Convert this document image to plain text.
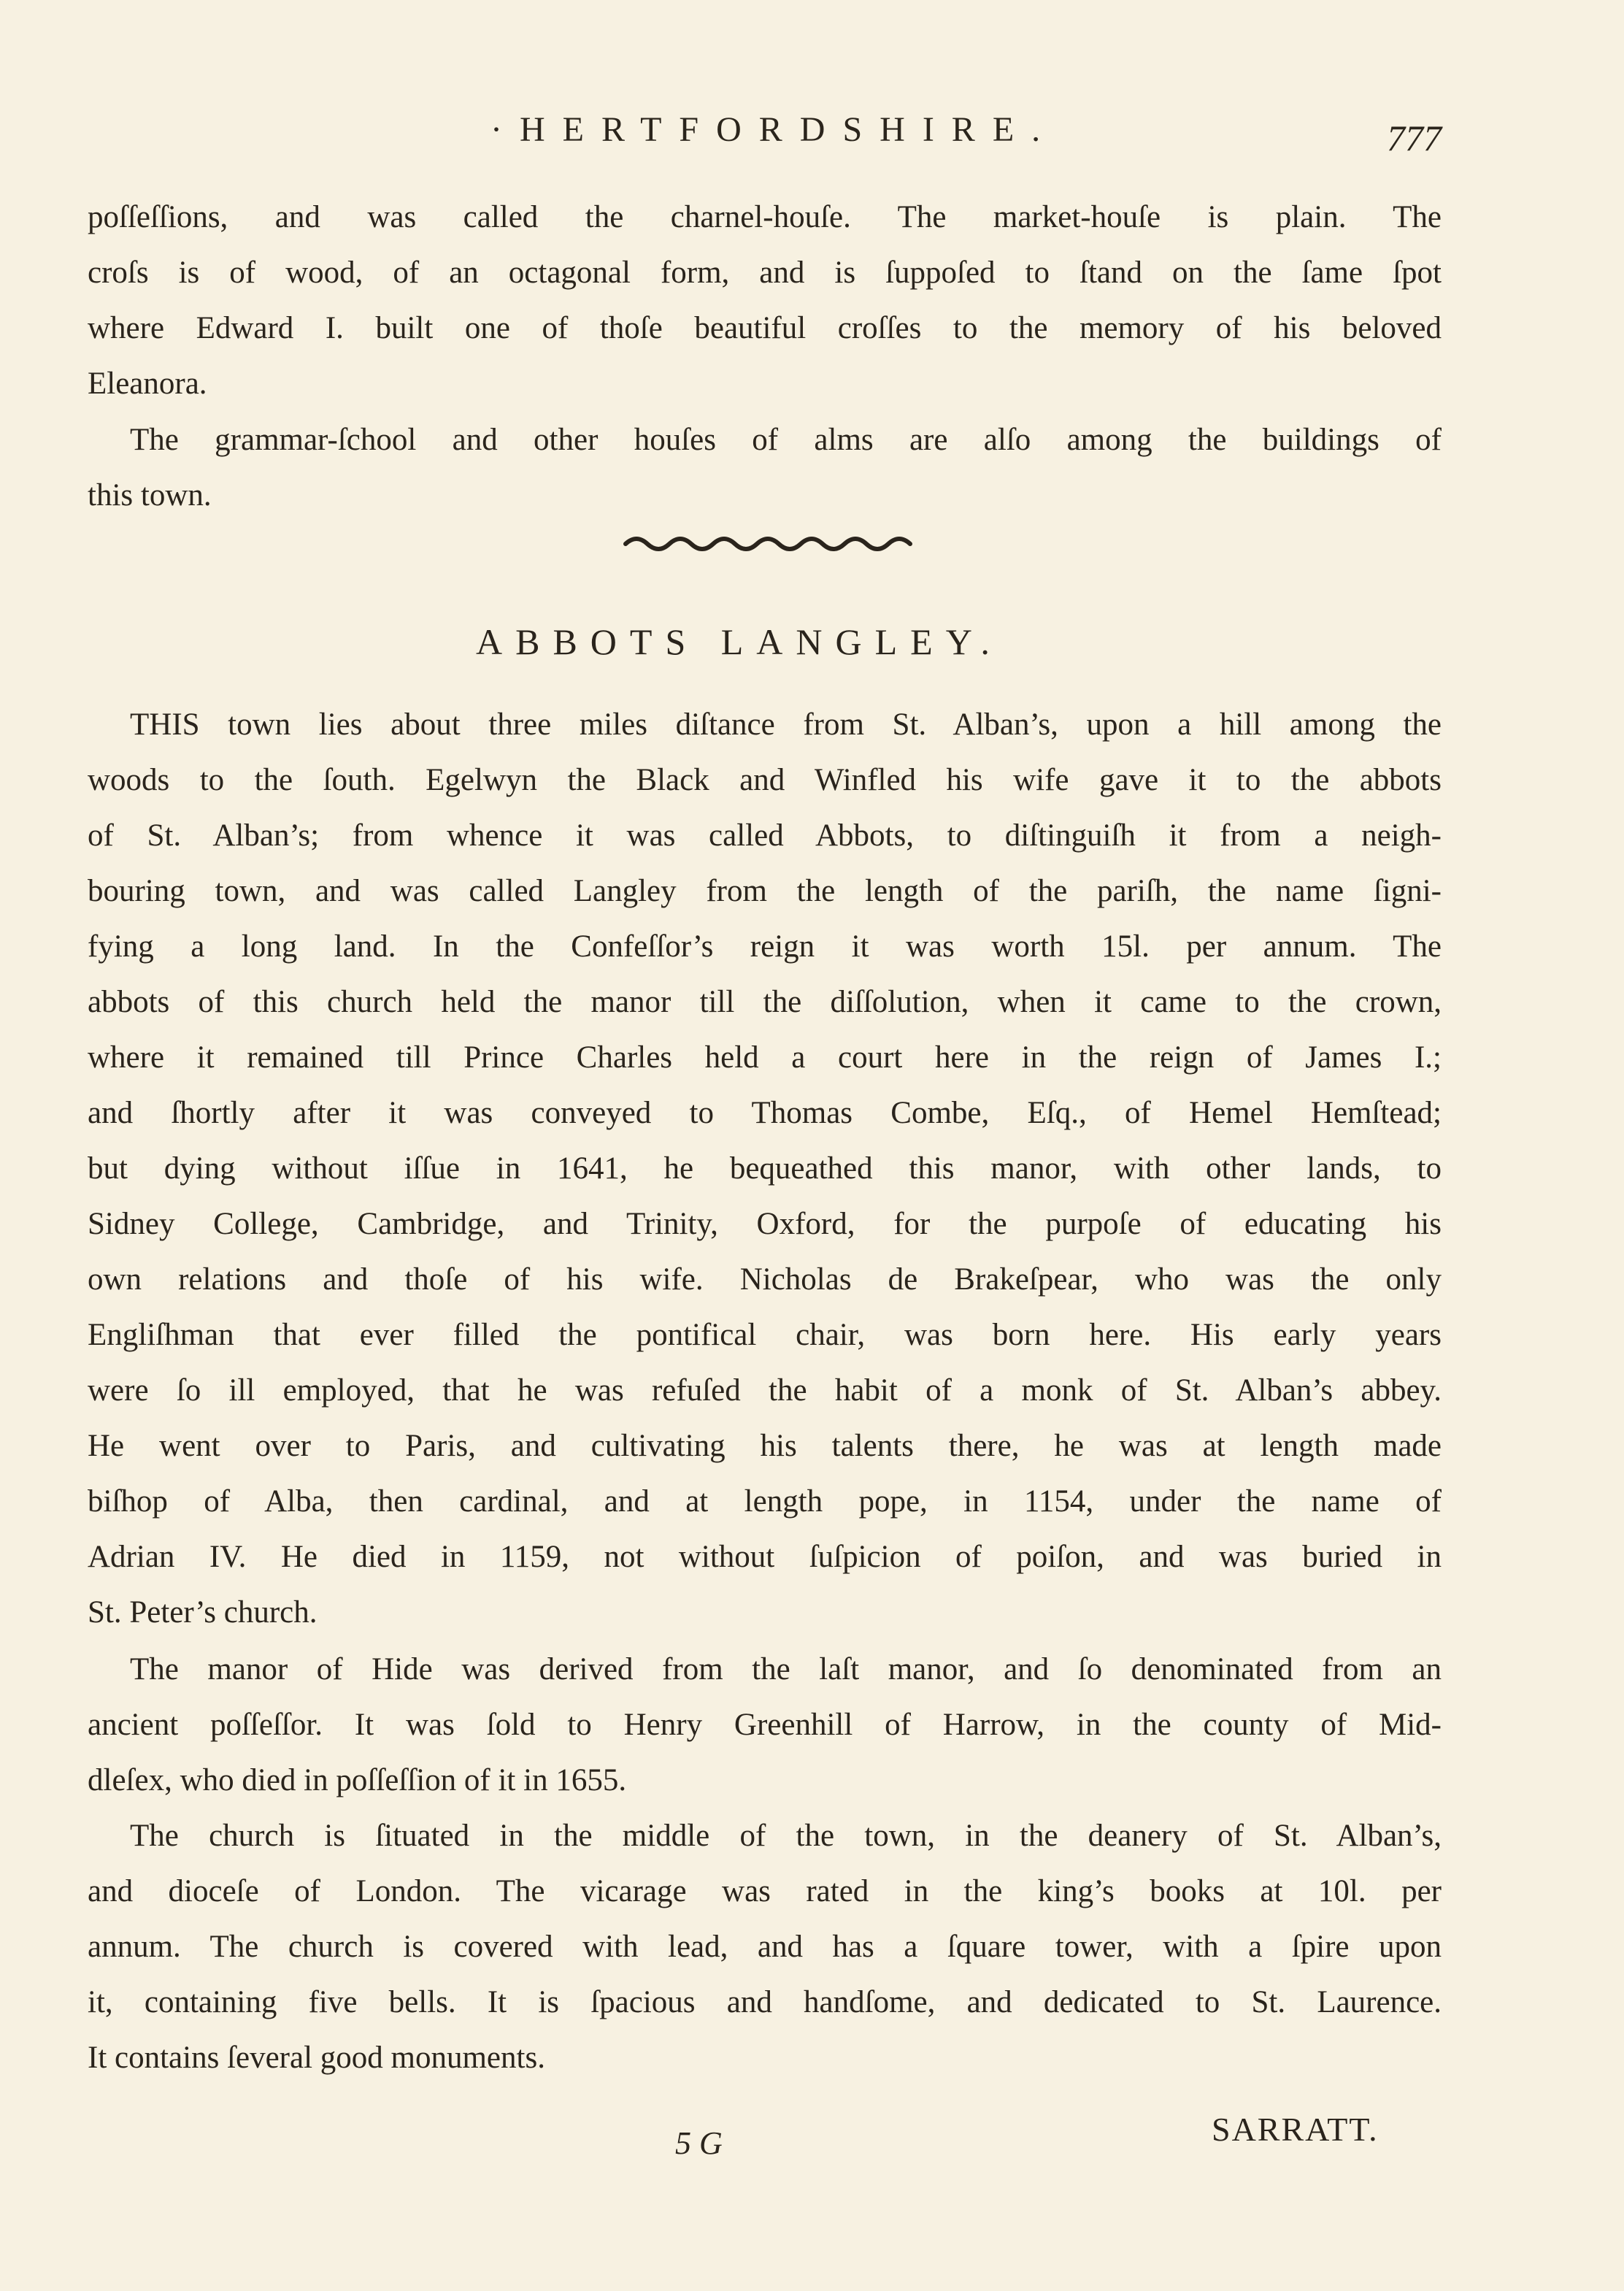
·HERTFORDSHIRE.	777
poſſeſſions, and was called the charnel-houſe. The market-houſe is plain. The
croſs is of wood, of an octagonal form, and is ſuppoſed to ſtand on the ſame ſpot
where Edward I. built one of thoſe beautiful croſſes to the memory of his beloved
Eleanora.
The grammar-ſchool and other houſes of alms are alſo among the buildings of
this town.
ABBOTS LANGLEY.
THIS town lies about three miles diſtance from St. Alban’s, upon a hill among the
woods to the ſouth. Egelwyn the Black and Winfled his wife gave it to the abbots
of St. Alban’s; from whence it was called Abbots, to diſtinguiſh it from a neigh-
bouring town, and was called Langley from the length of the pariſh, the name ſigni-
fying a long land. In the Confeſſor’s reign it was worth 15l. per annum. The
abbots of this church held the manor till the diſſolution, when it came to the crown,
where it remained till Prince Charles held a court here in the reign of James I.;
and ſhortly after it was conveyed to Thomas Combe, Eſq., of Hemel Hemſtead;
but dying without iſſue in 1641, he bequeathed this manor, with other lands, to
Sidney College, Cambridge, and Trinity, Oxford, for the purpoſe of educating his
own relations and thoſe of his wife. Nicholas de Brakeſpear, who was the only
Engliſhman that ever filled the pontifical chair, was born here. His early years
were ſo ill employed, that he was refuſed the habit of a monk of St. Alban’s abbey.
He went over to Paris, and cultivating his talents there, he was at length made
biſhop of Alba, then cardinal, and at length pope, in 1154, under the name of
Adrian IV. He died in 1159, not without ſuſpicion of poiſon, and was buried in
St. Peter’s church.
The manor of Hide was derived from the laſt manor, and ſo denominated from an
ancient poſſeſſor. It was ſold to Henry Greenhill of Harrow, in the county of Mid-
dleſex, who died in poſſeſſion of it in 1655.
The church is ſituated in the middle of the town, in the deanery of St. Alban’s,
and dioceſe of London. The vicarage was rated in the king’s books at 10l. per
annum. The church is covered with lead, and has a ſquare tower, with a ſpire upon
it, containing five bells. It is ſpacious and handſome, and dedicated to St. Laurence.
It contains ſeveral good monuments.
5 G	SARRATT.
